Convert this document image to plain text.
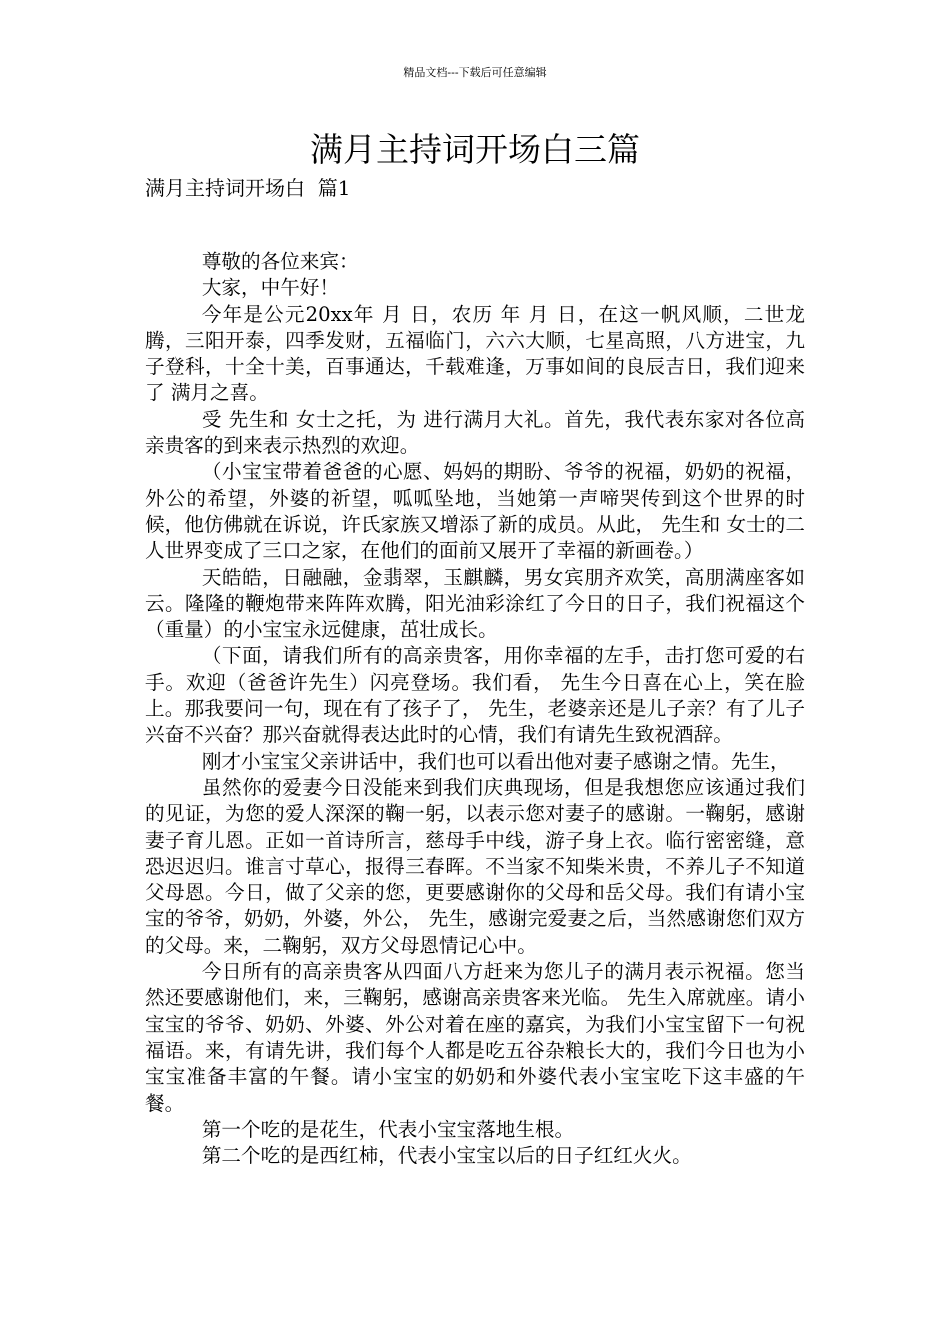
精品文档---下载后可任意编辑
满月主持词开场白三篇
满月主持词开场白  篇1

尊敬的各位来宾：

大家，中午好！

今年是公元20xx年 月 日，农历 年 月 日，在这一帆风顺，二世龙腾，三阳开泰，四季发财，五福临门，六六大顺，七星高照，八方进宝，九子登科，十全十美，百事通达，千载难逢，万事如间的良辰吉日，我们迎来了 满月之喜。

受 先生和 女士之托，为 进行满月大礼。首先，我代表东家对各位高亲贵客的到来表示热烈的欢迎。

（小宝宝带着爸爸的心愿、妈妈的期盼、爷爷的祝福，奶奶的祝福，外公的希望，外婆的祈望，呱呱坠地，当她第一声啼哭传到这个世界的时候，他仿佛就在诉说，许氏家族又增添了新的成员。从此， 先生和 女士的二人世界变成了三口之家，在他们的面前又展开了幸福的新画卷。）

天皓皓，日融融，金翡翠，玉麒麟，男女宾朋齐欢笑，高朋满座客如云。隆隆的鞭炮带来阵阵欢腾，阳光油彩涂红了今日的日子，我们祝福这个（重量）的小宝宝永远健康，茁壮成长。

（下面，请我们所有的高亲贵客，用你幸福的左手，击打您可爱的右手。欢迎（爸爸许先生）闪亮登场。我们看， 先生今日喜在心上，笑在脸上。那我要问一句，现在有了孩子了， 先生，老婆亲还是儿子亲？有了儿子兴奋不兴奋？那兴奋就得表达此时的心情，我们有请先生致祝酒辞。

刚才小宝宝父亲讲话中，我们也可以看出他对妻子感谢之情。先生，

虽然你的爱妻今日没能来到我们庆典现场，但是我想您应该通过我们的见证，为您的爱人深深的鞠一躬，以表示您对妻子的感谢。一鞠躬，感谢妻子育儿恩。正如一首诗所言，慈母手中线，游子身上衣。临行密密缝，意恐迟迟归。谁言寸草心，报得三春晖。不当家不知柴米贵，不养儿子不知道父母恩。今日，做了父亲的您，更要感谢你的父母和岳父母。我们有请小宝宝的爷爷，奶奶，外婆，外公， 先生，感谢完爱妻之后，当然感谢您们双方的父母。来，二鞠躬，双方父母恩情记心中。

今日所有的高亲贵客从四面八方赶来为您儿子的满月表示祝福。您当然还要感谢他们，来，三鞠躬，感谢高亲贵客来光临。 先生入席就座。请小宝宝的爷爷、奶奶、外婆、外公对着在座的嘉宾，为我们小宝宝留下一句祝福语。来，有请先讲，我们每个人都是吃五谷杂粮长大的，我们今日也为小宝宝准备丰富的午餐。请小宝宝的奶奶和外婆代表小宝宝吃下这丰盛的午餐。

第一个吃的是花生，代表小宝宝落地生根。

第二个吃的是西红柿，代表小宝宝以后的日子红红火火。
